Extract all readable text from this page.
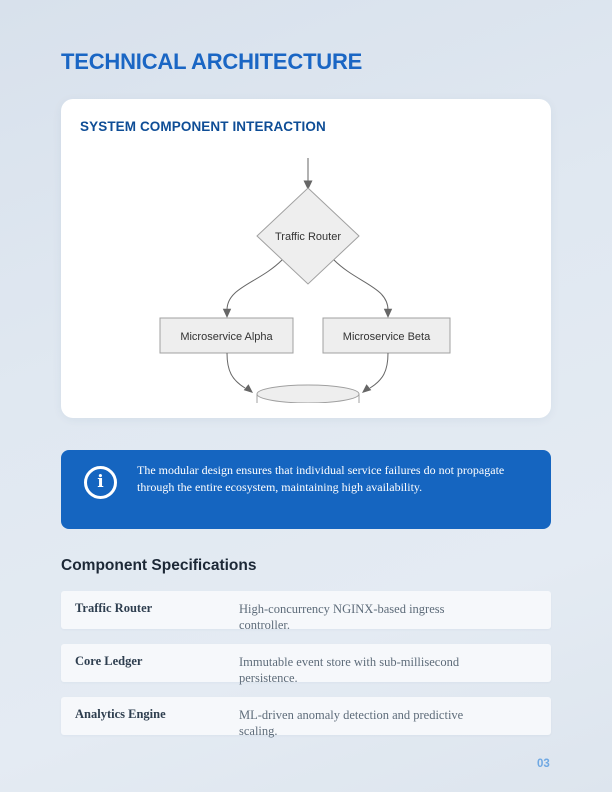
TECHNICAL ARCHITECTURE
SYSTEM COMPONENT INTERACTION
Traffic Router
Microservice Alpha	Microservice Beta
i
The modular design ensures that individual service failures do not propagate through the entire ecosystem, maintaining high availability.
Component Specifications
Traffic Router	High-concurrency NGINX-based ingress controller.
Core Ledger	Immutable event store with sub-millisecond persistence.
Analytics Engine	ML-driven anomaly detection and predictive scaling.
03
